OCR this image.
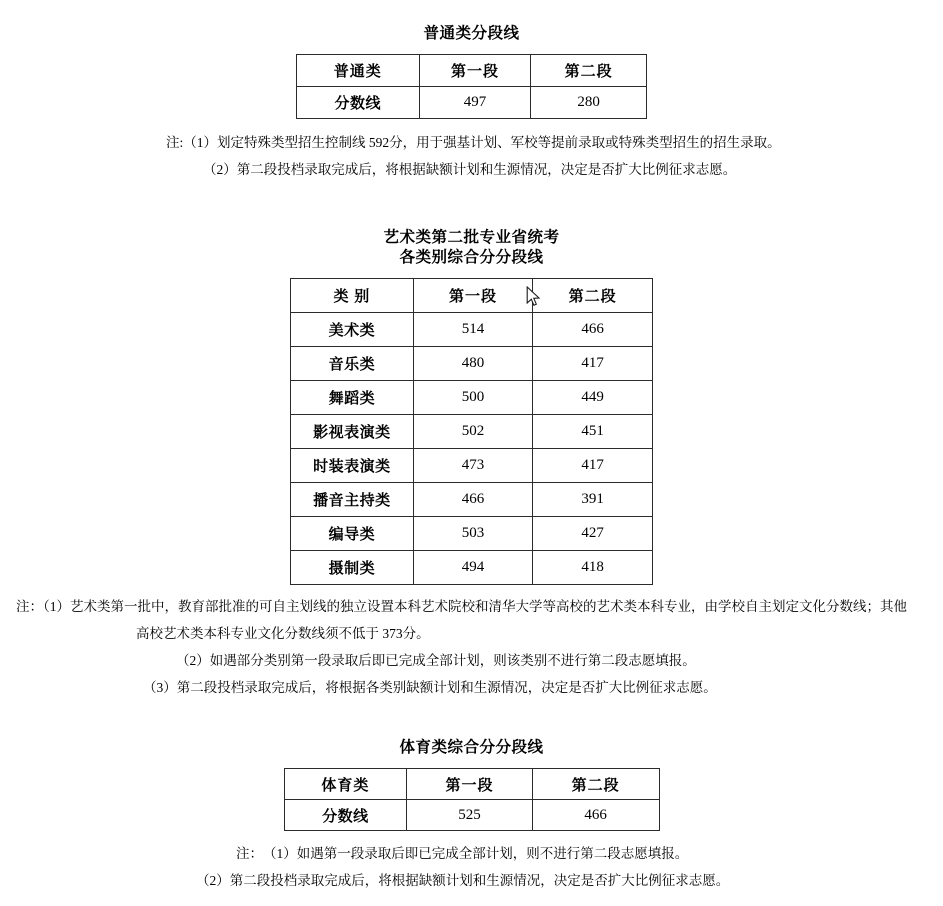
普通类分段线
普通类	第一段	第二段
分数线	497	280
注:（1）划定特殊类型招生控制线 592分，用于强基计划、军校等提前录取或特殊类型招生的招生录取。
（2）第二段投档录取完成后，将根据缺额计划和生源情况，决定是否扩大比例征求志愿。
艺术类第二批专业省统考
各类别综合分分段线
类 别	第一段	第二段
美术类	514	466
音乐类	480	417
舞蹈类	500	449
影视表演类	502	451
时装表演类	473	417
播音主持类	466	391
编导类	503	427
摄制类	494	418
注：（1）艺术类第一批中，教育部批准的可自主划线的独立设置本科艺术院校和清华大学等高校的艺术类本科专业，由学校自主划定文化分数线；其他
高校艺术类本科专业文化分数线须不低于 373分。
（2）如遇部分类别第一段录取后即已完成全部计划，则该类别不进行第二段志愿填报。
（3）第二段投档录取完成后，将根据各类别缺额计划和生源情况，决定是否扩大比例征求志愿。
体育类综合分分段线
体育类	第一段	第二段
分数线	525	466
注：　（1）如遇第一段录取后即已完成全部计划，则不进行第二段志愿填报。
（2）第二段投档录取完成后，将根据缺额计划和生源情况，决定是否扩大比例征求志愿。
